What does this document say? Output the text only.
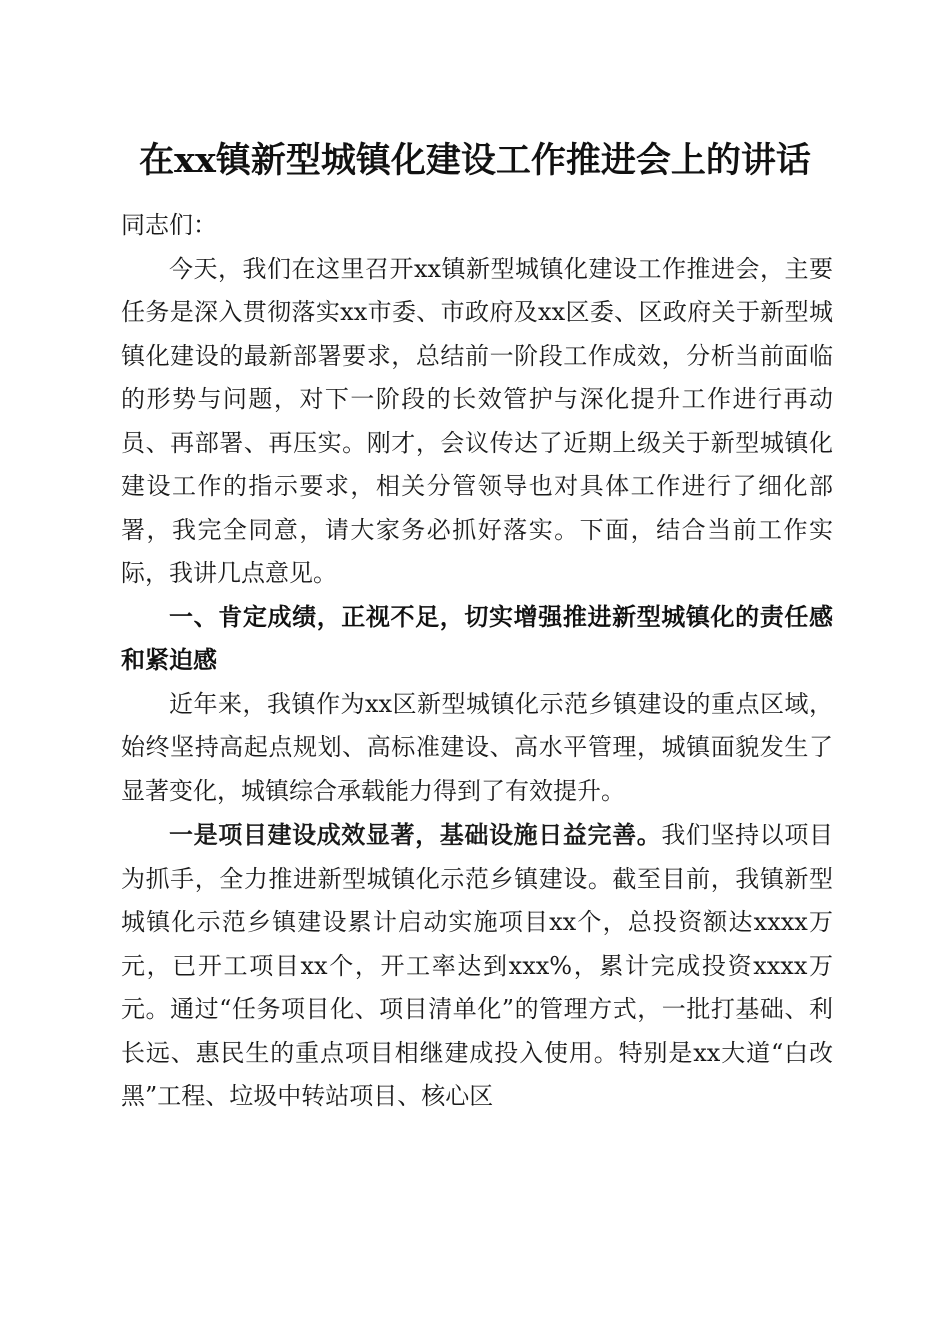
在xx镇新型城镇化建设工作推进会上的讲话

同志们：

今天，我们在这里召开xx镇新型城镇化建设工作推进会，主要任务是深入贯彻落实xx市委、市政府及xx区委、区政府关于新型城镇化建设的最新部署要求，总结前一阶段工作成效，分析当前面临的形势与问题，对下一阶段的长效管护与深化提升工作进行再动员、再部署、再压实。刚才，会议传达了近期上级关于新型城镇化建设工作的指示要求，相关分管领导也对具体工作进行了细化部署，我完全同意，请大家务必抓好落实。下面，结合当前工作实际，我讲几点意见。

一、肯定成绩，正视不足，切实增强推进新型城镇化的责任感和紧迫感

近年来，我镇作为xx区新型城镇化示范乡镇建设的重点区域，始终坚持高起点规划、高标准建设、高水平管理，城镇面貌发生了显著变化，城镇综合承载能力得到了有效提升。

一是项目建设成效显著，基础设施日益完善。我们坚持以项目为抓手，全力推进新型城镇化示范乡镇建设。截至目前，我镇新型城镇化示范乡镇建设累计启动实施项目xx个，总投资额达xxxx万元，已开工项目xx个，开工率达到xxx%，累计完成投资xxxx万元。通过“任务项目化、项目清单化”的管理方式，一批打基础、利长远、惠民生的重点项目相继建成投入使用。特别是xx大道“白改黑”工程、垃圾中转站项目、核心区
